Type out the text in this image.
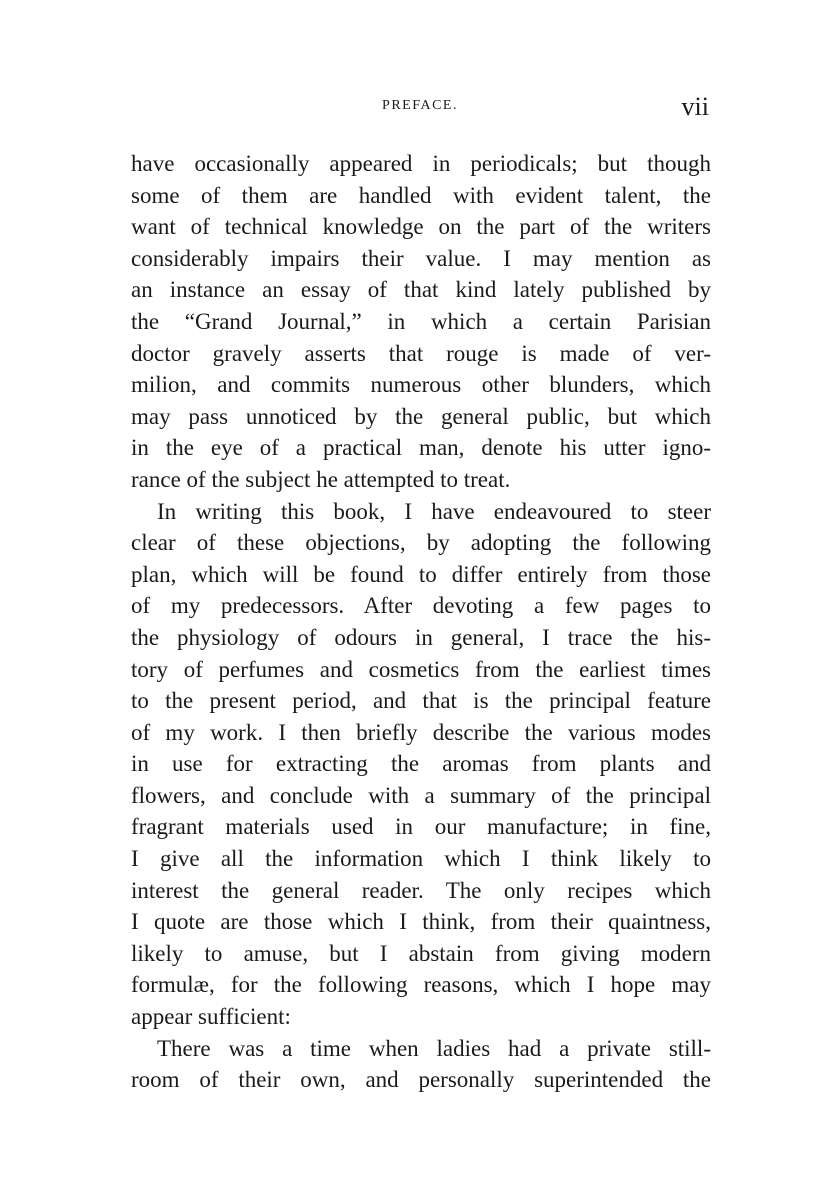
PREFACE.	vii
have occasionally appeared in periodicals; but though
some of them are handled with evident talent, the
want of technical knowledge on the part of the writers
considerably impairs their value. I may mention as
an instance an essay of that kind lately published by
the “Grand Journal,” in which a certain Parisian
doctor gravely asserts that rouge is made of ver-
milion, and commits numerous other blunders, which
may pass unnoticed by the general public, but which
in the eye of a practical man, denote his utter igno-
rance of the subject he attempted to treat.
In writing this book, I have endeavoured to steer
clear of these objections, by adopting the following
plan, which will be found to differ entirely from those
of my predecessors. After devoting a few pages to
the physiology of odours in general, I trace the his-
tory of perfumes and cosmetics from the earliest times
to the present period, and that is the principal feature
of my work. I then briefly describe the various modes
in use for extracting the aromas from plants and
flowers, and conclude with a summary of the principal
fragrant materials used in our manufacture; in fine,
I give all the information which I think likely to
interest the general reader. The only recipes which
I quote are those which I think, from their quaintness,
likely to amuse, but I abstain from giving modern
formulæ, for the following reasons, which I hope may
appear sufficient:
There was a time when ladies had a private still-
room of their own, and personally superintended the
